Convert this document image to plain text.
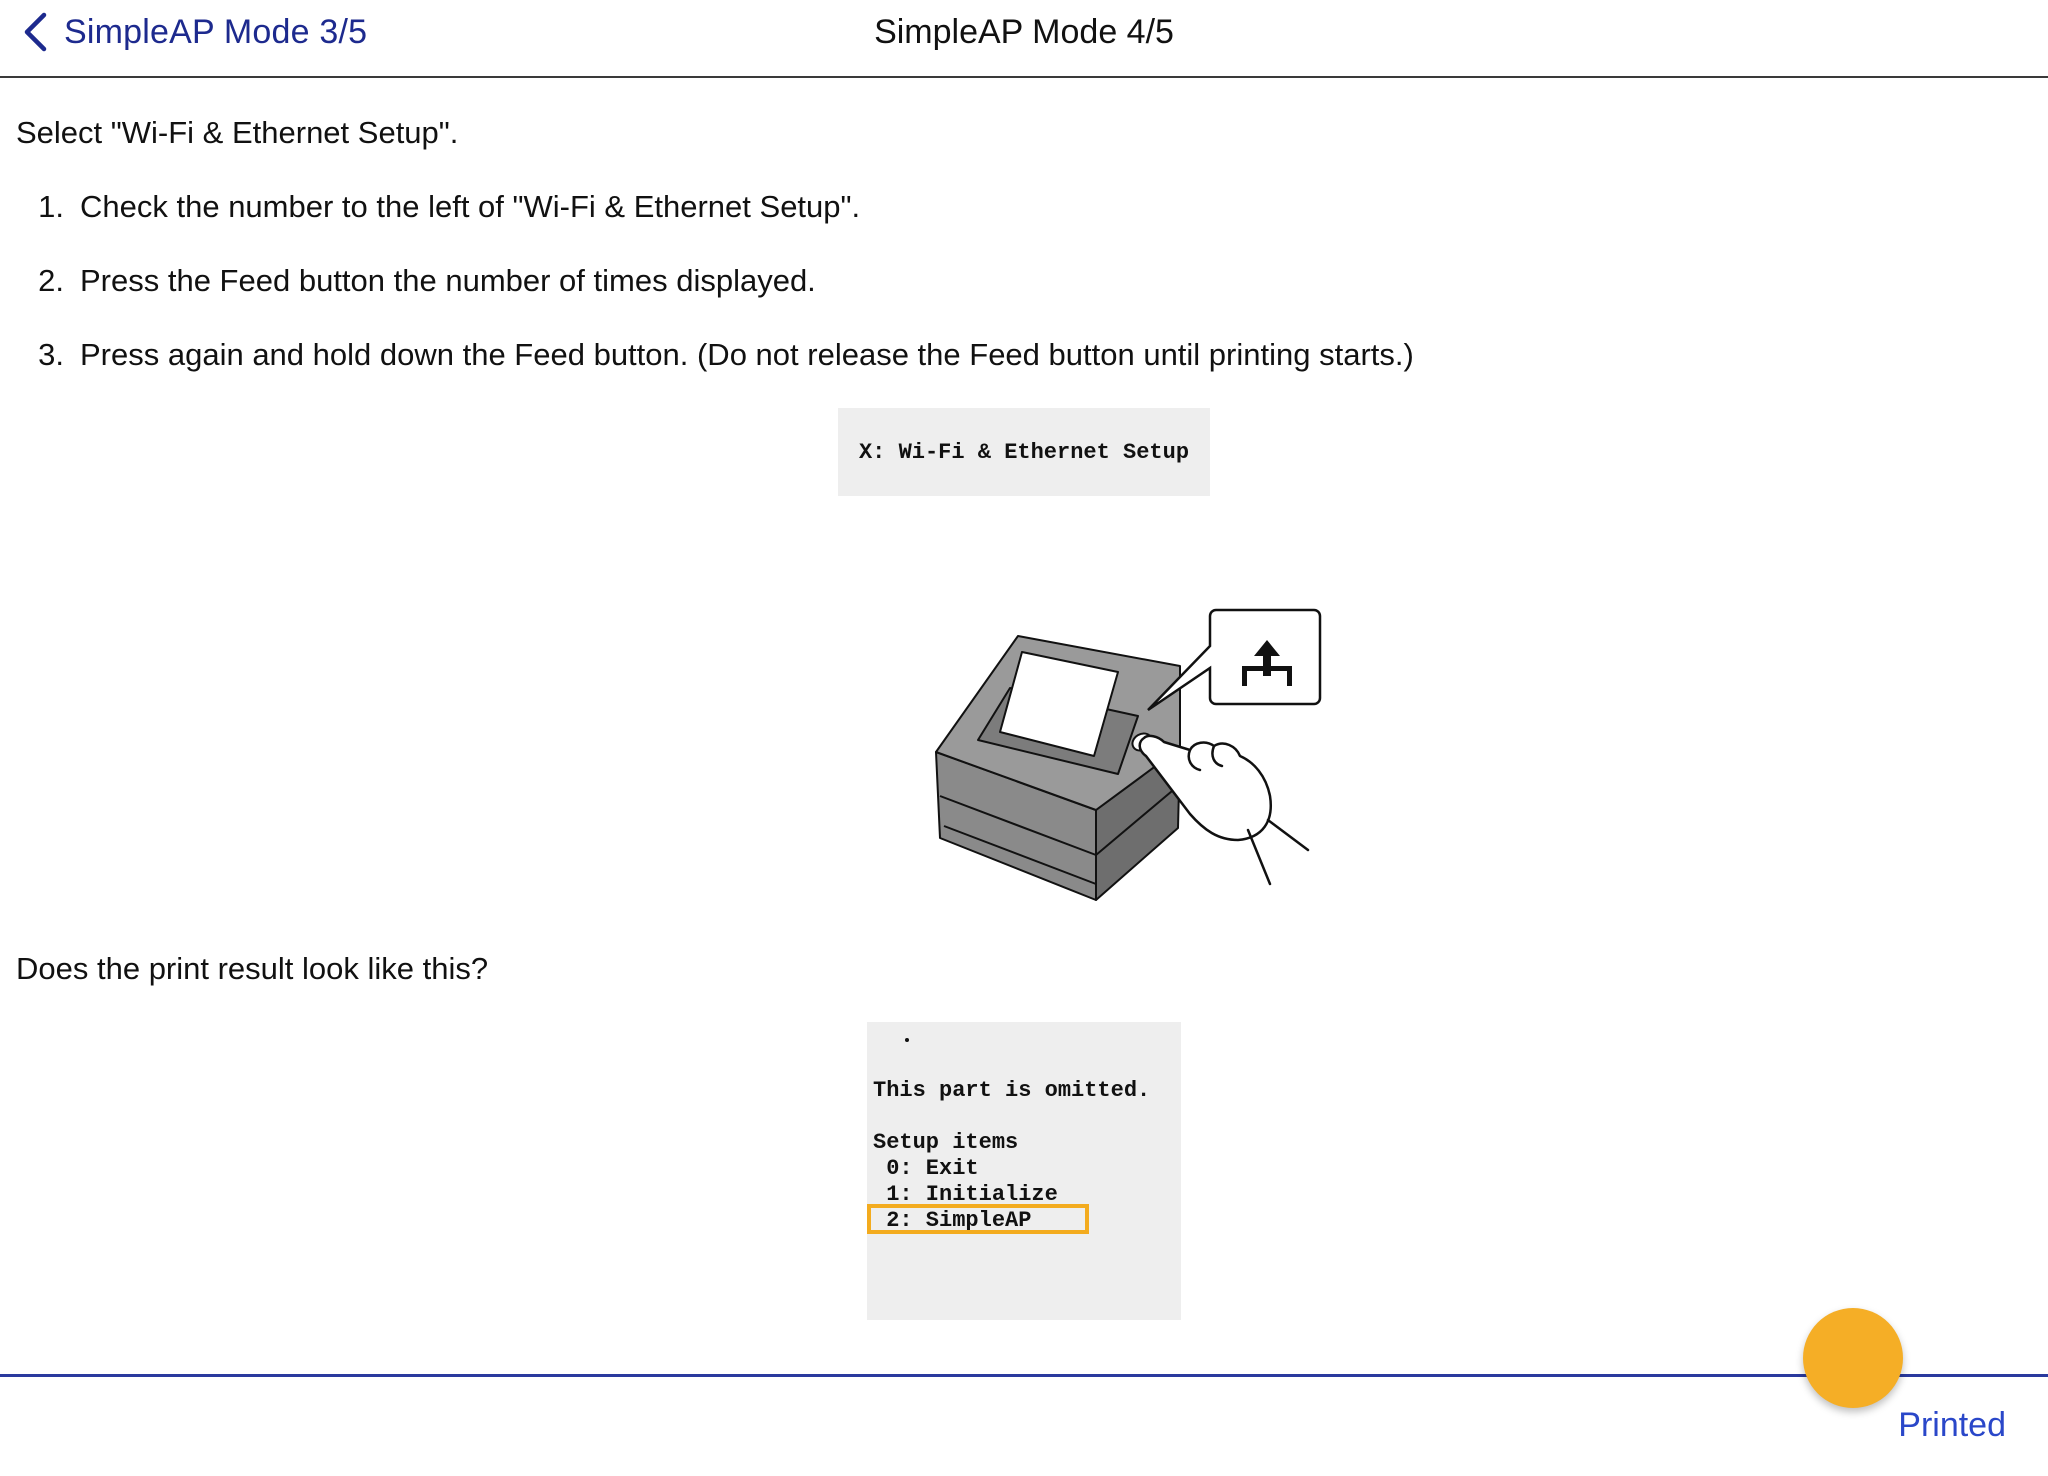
SimpleAP Mode 3/5	SimpleAP Mode 4/5
Select "Wi-Fi & Ethernet Setup".
1. Check the number to the left of "Wi-Fi & Ethernet Setup".
2. Press the Feed button the number of times displayed.
3. Press again and hold down the Feed button. (Do not release the Feed button until printing starts.)
X: Wi-Fi & Ethernet Setup
Does the print result look like this?
This part is omitted.
Setup items
0: Exit
1: Initialize
2: SimpleAP
Printed
